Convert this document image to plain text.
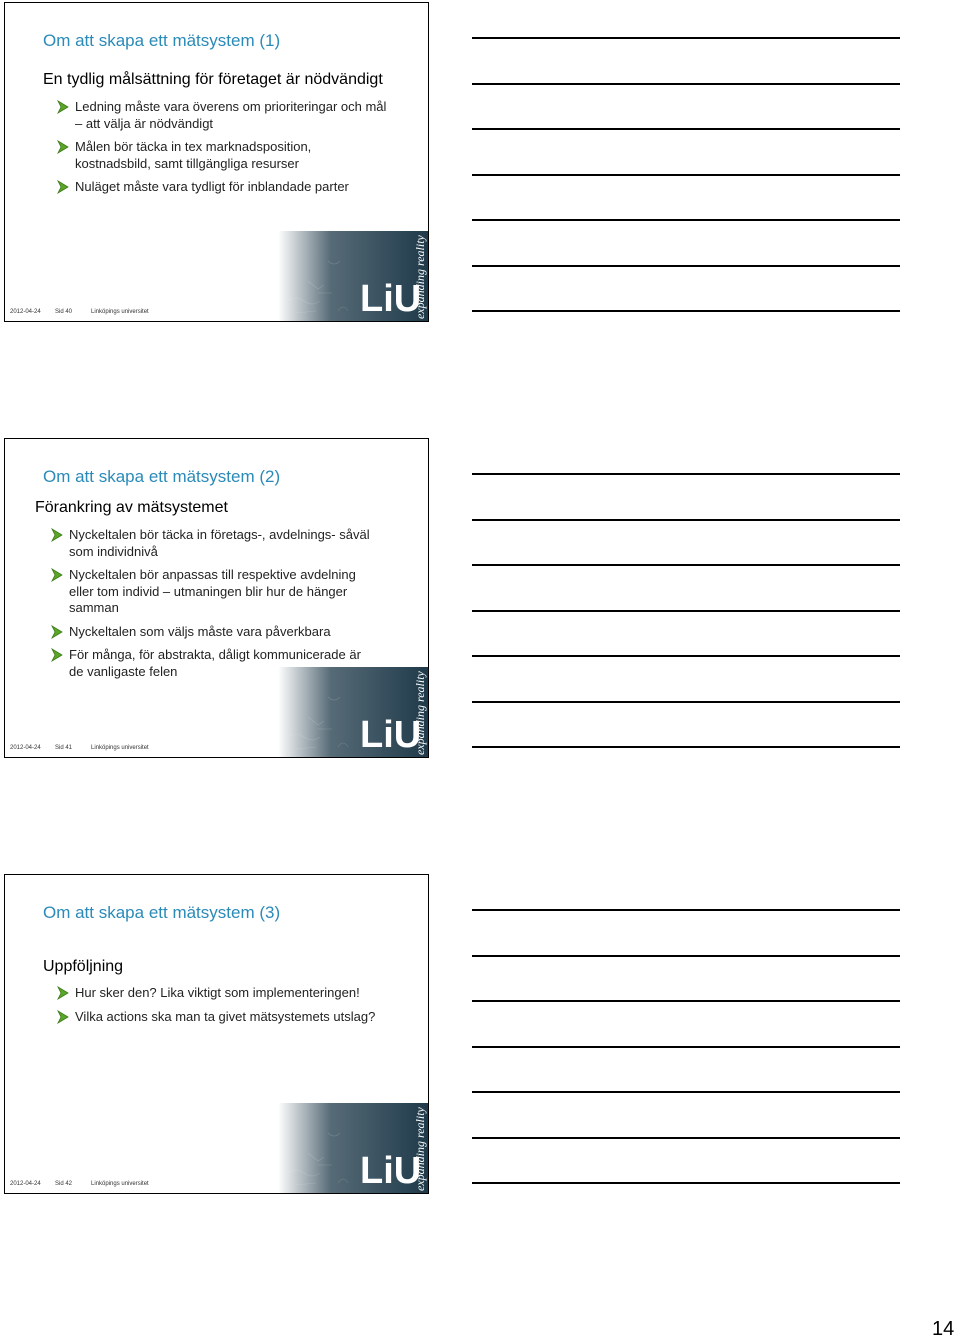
Om att skapa ett mätsystem (1)
En tydlig målsättning för företaget är nödvändigt
Ledning måste vara överens om prioriteringar och mål – att välja är nödvändigt
Målen bör täcka in tex marknadsposition, kostnadsbild, samt tillgängliga resurser
Nuläget måste vara tydligt för inblandade parter
LiU
expanding reality
2012-04-24 Sid 40	Linköpings universitet
Om att skapa ett mätsystem (2)
Förankring av mätsystemet
Nyckeltalen bör täcka in företags-, avdelnings- såväl som individnivå
Nyckeltalen bör anpassas till respektive avdelning eller tom individ – utmaningen blir hur de hänger samman
Nyckeltalen som väljs måste vara påverkbara
För många, för abstrakta, dåligt kommunicerade är de vanligaste felen
LiU
expanding reality
2012-04-24 Sid 41	Linköpings universitet
Om att skapa ett mätsystem (3)
Uppföljning
Hur sker den? Lika viktigt som implementeringen!
Vilka actions ska man ta givet mätsystemets utslag?
LiU
expanding reality
2012-04-24 Sid 42	Linköpings universitet
14
